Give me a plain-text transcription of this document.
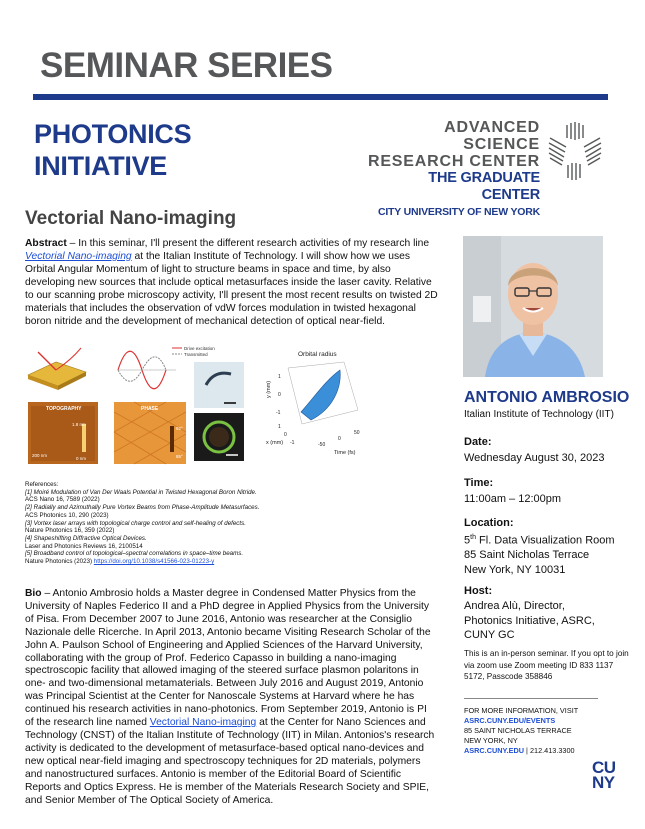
SEMINAR SERIES
PHOTONICS
INITIATIVE
ADVANCED SCIENCE
RESEARCH CENTER
THE GRADUATE CENTER
CITY UNIVERSITY OF NEW YORK
Vectorial Nano-imaging
Abstract – In this seminar, I'll present the different research activities of my research line Vectorial Nano-imaging at the Italian Institute of Technology. I will show how we uses Orbital Angular Momentum of light to structure beams in space and time, by also developing new sources that include optical metasurfaces inside the laser cavity. Relative to our scanning probe microscopy activity, I'll present the most recent results on twisted 2D materials that includes the observation of vdW forces modulation in twisted hexagonal boron nitride and the development of mechanical detection of optical near-field.
Drive excitation
Transmitted
TOPOGRAPHY
1.8 nm
0 nm
200 nm
PHASE
92°
85°
Orbital radius
y (mm)
1
0
-1
x (mm)
1
0
-1	-50
0
50
Time (fs)
References:
[1] Moiré Modulation of Van Der Waals Potential in Twisted Hexagonal Boron Nitride.
ACS Nano 16, 7589 (2022)
[2] Radially and Azimuthally Pure Vortex Beams from Phase-Amplitude Metasurfaces.
ACS Photonics 10, 290 (2023)
[3] Vortex laser arrays with topological charge control and self-healing of defects.
Nature Photonics 16, 359 (2022)
[4] Shapeshifting Diffractive Optical Devices.
Laser and Photonics Reviews 16, 2100514
[5] Broadband control of topological–spectral correlations in space–time beams.
Nature Photonics (2023) https://doi.org/10.1038/s41566-023-01223-y
Bio – Antonio Ambrosio holds a Master degree in Condensed Matter Physics from the University of Naples Federico II and a PhD degree in Applied Physics from the University of Pisa. From December 2007 to June 2016, Antonio was researcher at the Consiglio Nazionale delle Ricerche. In April 2013, Antonio became Visiting Research Scholar of the John A. Paulson School of Engineering and Applied Sciences of the Harvard University, collaborating with the group of Prof. Federico Capasso in building a nano-imaging spectroscopic facility that allowed imaging of the steered surface plasmon polaritons in one- and two-dimensional metamaterials. Between July 2016 and August 2019, Antonio was Principal Scientist at the Center for Nanoscale Systems at Harvard where he has continued his research activities in nano-photonics. From September 2019, Antonio is PI of the research line named Vectorial Nano-imaging at the Center for Nano Sciences and Technology (CNST) of the Italian Institute of Technology (IIT) in Milan. Antonios's research activity is dedicated to the development of metasurface-based optical nano-devices and new optical near-field imaging and spectroscopy techniques for 2D materials, polymers and nanostructured surfaces. Antonio is member of the Editorial Board of Scientific Reports and Optics Express. He is member of the Materials Research Society and SPIE, and Senior Member of The Optical Society of America.
ANTONIO AMBROSIO
Italian Institute of Technology (IIT)
Date:
Wednesday August 30, 2023
Time:
11:00am – 12:00pm
Location:
5th Fl. Data Visualization Room
85 Saint Nicholas Terrace
New York, NY 10031
Host:
Andrea Alù, Director,
Photonics Initiative, ASRC,
CUNY GC
This is an in-person seminar. If you opt to join via zoom use Zoom meeting ID 833 1137 5172, Passcode 358846
FOR MORE INFORMATION, VISIT
ASRC.CUNY.EDU/EVENTS
85 SAINT NICHOLAS TERRACE
NEW YORK, NY
ASRC.CUNY.EDU | 212.413.3300
CU
NY
